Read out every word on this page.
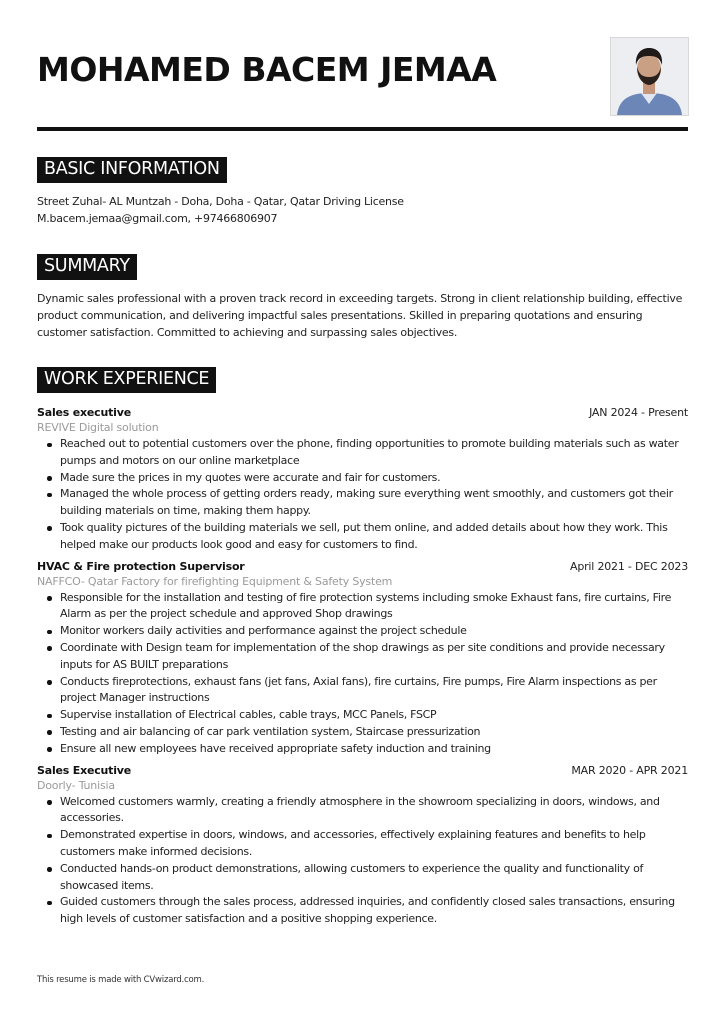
MOHAMED BACEM JEMAA
BASIC INFORMATION
Street Zuhal- AL Muntzah - Doha, Doha - Qatar, Qatar Driving License
M.bacem.jemaa@gmail.com, +97466806907
SUMMARY
Dynamic sales professional with a proven track record in exceeding targets. Strong in client relationship building, effective product communication, and delivering impactful sales presentations. Skilled in preparing quotations and ensuring customer satisfaction. Committed to achieving and surpassing sales objectives.
WORK EXPERIENCE
Sales executive	JAN 2024 - Present
REVIVE Digital solution
Reached out to potential customers over the phone, finding opportunities to promote building materials such as water pumps and motors on our online marketplace
Made sure the prices in my quotes were accurate and fair for customers.
Managed the whole process of getting orders ready, making sure everything went smoothly, and customers got their building materials on time, making them happy.
Took quality pictures of the building materials we sell, put them online, and added details about how they work. This helped make our products look good and easy for customers to find.
HVAC & Fire protection Supervisor	April 2021 - DEC 2023
NAFFCO- Qatar Factory for firefighting Equipment & Safety System
Responsible for the installation and testing of fire protection systems including smoke Exhaust fans, fire curtains, Fire Alarm as per the project schedule and approved Shop drawings
Monitor workers daily activities and performance against the project schedule
Coordinate with Design team for implementation of the shop drawings as per site conditions and provide necessary inputs for AS BUILT preparations
Conducts fireprotections, exhaust fans (jet fans, Axial fans), fire curtains, Fire pumps, Fire Alarm inspections as per project Manager instructions
Supervise installation of Electrical cables, cable trays, MCC Panels, FSCP
Testing and air balancing of car park ventilation system, Staircase pressurization
Ensure all new employees have received appropriate safety induction and training
Sales Executive	MAR 2020 - APR 2021
Doorly- Tunisia
Welcomed customers warmly, creating a friendly atmosphere in the showroom specializing in doors, windows, and accessories.
Demonstrated expertise in doors, windows, and accessories, effectively explaining features and benefits to help customers make informed decisions.
Conducted hands-on product demonstrations, allowing customers to experience the quality and functionality of showcased items.
Guided customers through the sales process, addressed inquiries, and confidently closed sales transactions, ensuring high levels of customer satisfaction and a positive shopping experience.
This resume is made with CVwizard.com.
